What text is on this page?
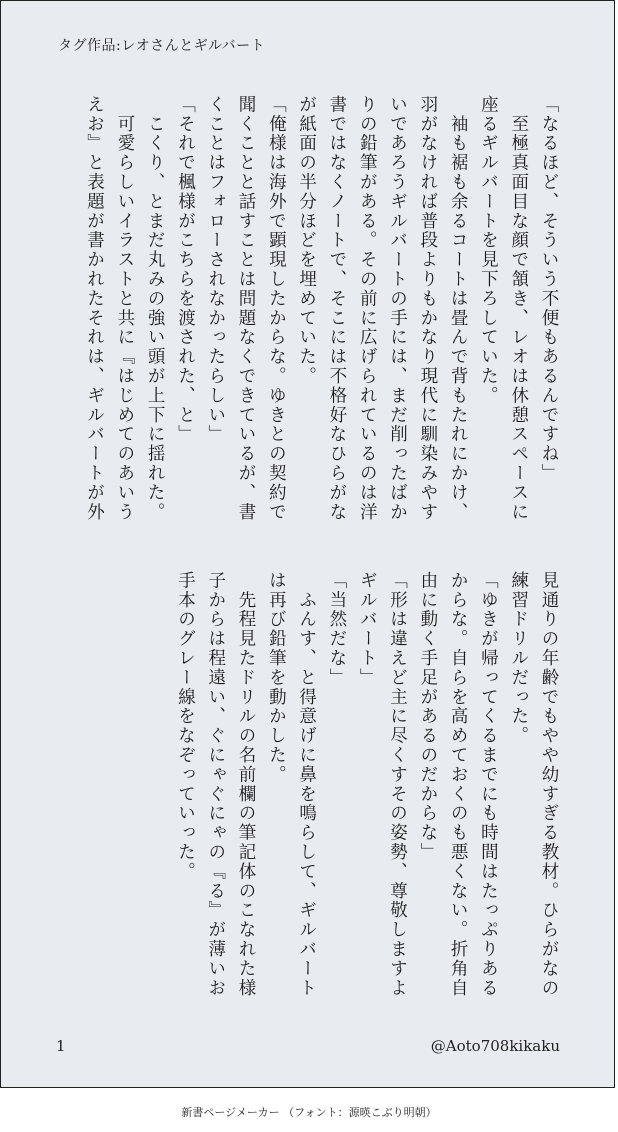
タグ作品:レオさんとギルバート
「なるほど、そういう不便もあるんですね」
　至極真面目な顔で頷き、レオは休憩スペースに
座るギルバートを見下ろしていた。
　袖も裾も余るコートは畳んで背もたれにかけ、
羽がなければ普段よりもかなり現代に馴染みやす
いであろうギルバートの手には、まだ削ったばか
りの鉛筆がある。その前に広げられているのは洋
書ではなくノートで、そこには不格好なひらがな
が紙面の半分ほどを埋めていた。
「俺様は海外で顕現したからな。ゆきとの契約で
聞くことと話すことは問題なくできているが、書
くことはフォローされなかったらしい」
「それで楓様がこちらを渡された、と」
　こくり、とまだ丸みの強い頭が上下に揺れた。
　可愛らしいイラストと共に『はじめてのあいう
えお』と表題が書かれたそれは、ギルバートが外
見通りの年齢でもやや幼すぎる教材。ひらがなの
練習ドリルだった。
「ゆきが帰ってくるまでにも時間はたっぷりある
からな。自らを高めておくのも悪くない。折角自
由に動く手足があるのだからな」
「形は違えど主に尽くすその姿勢、尊敬しますよ
ギルバート」
「当然だな」
　ふんす、と得意げに鼻を鳴らして、ギルバート
は再び鉛筆を動かした。
　先程見たドリルの名前欄の筆記体のこなれた様
子からは程遠い、ぐにゃぐにゃの『る』が薄いお
手本のグレー線をなぞっていった。
1	@Aoto708kikaku
新書ページメーカー （フォント：源暎こぶり明朝）
